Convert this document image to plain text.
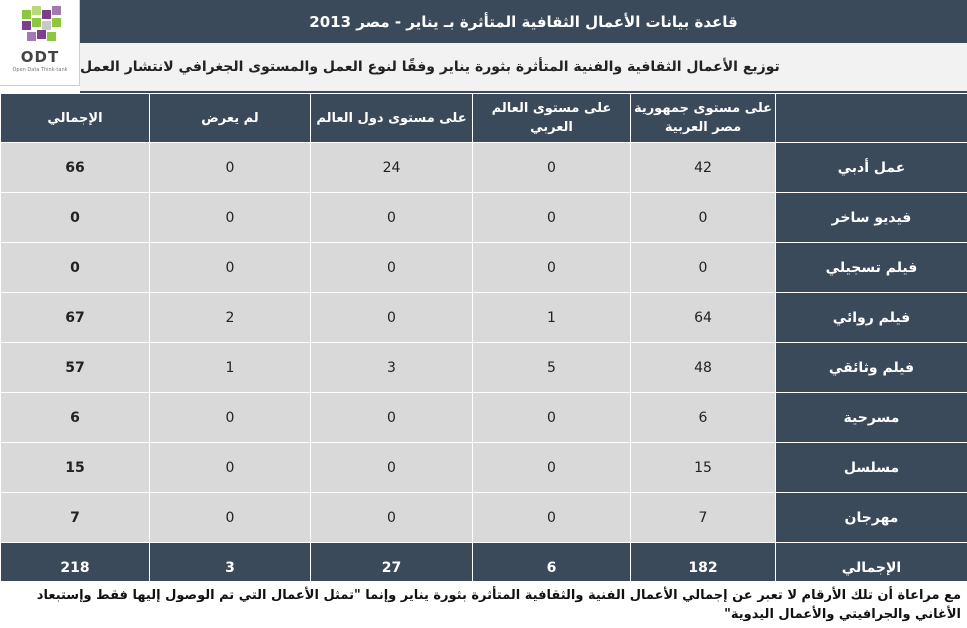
ODT
Open Data Think-tank
قاعدة بيانات الأعمال الثقافية المتأثرة بـ يناير - مصر 2013
توزيع الأعمال الثقافية والفنية المتأثرة بثورة يناير وفقًا لنوع العمل والمستوى الجغرافي لانتشار العمل
	على مستوى جمهورية مصر العربية	على مستوى العالم العربي	على مستوى دول العالم	لم يعرض	الإجمالي
عمل أدبي	42	0	24	0	66
فيديو ساخر	0	0	0	0	0
فيلم تسجيلي	0	0	0	0	0
فيلم روائي	64	1	0	2	67
فيلم وثائقي	48	5	3	1	57
مسرحية	6	0	0	0	6
مسلسل	15	0	0	0	15
مهرجان	7	0	0	0	7
الإجمالي	182	6	27	3	218
مع مراعاة أن تلك الأرقام لا تعبر عن إجمالي الأعمال الفنية والثقافية المتأثرة بثورة يناير وإنما "تمثل الأعمال التي تم الوصول إليها فقط وإستبعاد الأغاني والجرافيتي والأعمال اليدوية"
